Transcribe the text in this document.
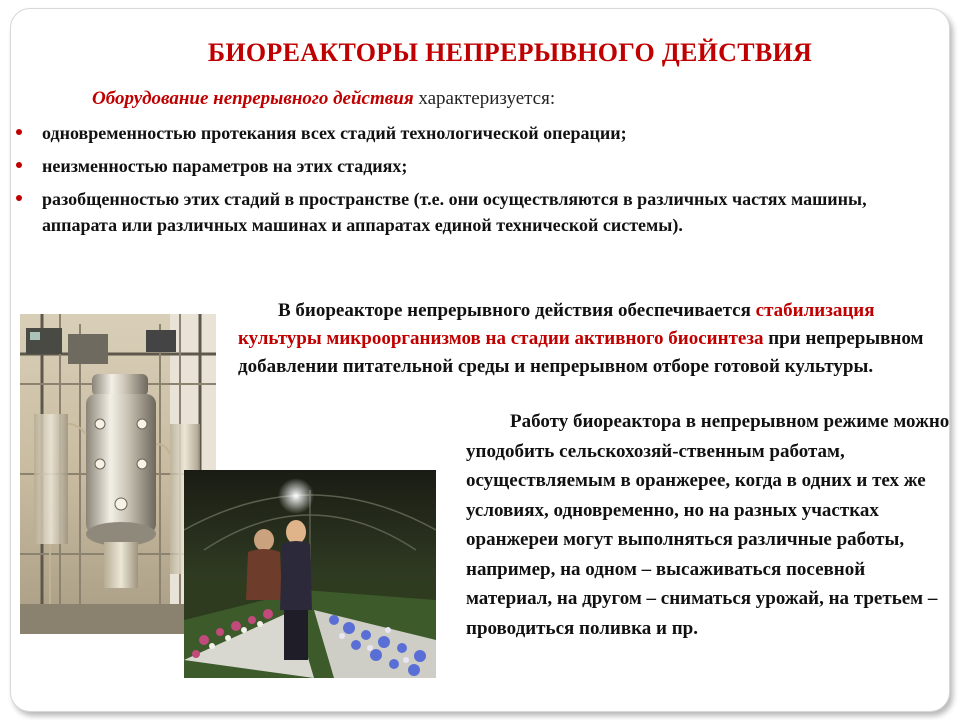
БИОРЕАКТОРЫ НЕПРЕРЫВНОГО ДЕЙСТВИЯ
Оборудование непрерывного действия характеризуется:
одновременностью протекания всех стадий технологической операции;
неизменностью параметров на этих стадиях;
разобщенностью этих стадий в пространстве (т.е. они осуществляются в различных частях машины, аппарата или различных машинах и аппаратах единой технической системы).
В биореакторе непрерывного действия обеспечивается стабилизация культуры микроорганизмов на стадии активного биосинтеза при непрерывном добавлении питательной среды и непрерывном отборе готовой культуры.
Работу биореактора в непрерывном режиме можно уподобить сельскохозяй-ственным работам, осуществляемым в оранжерее, когда в одних и тех же условиях, одновременно, но на разных участках оранжереи могут выполняться различные работы, например, на одном – высаживаться посевной материал, на другом – сниматься урожай, на третьем – проводиться поливка и пр.
